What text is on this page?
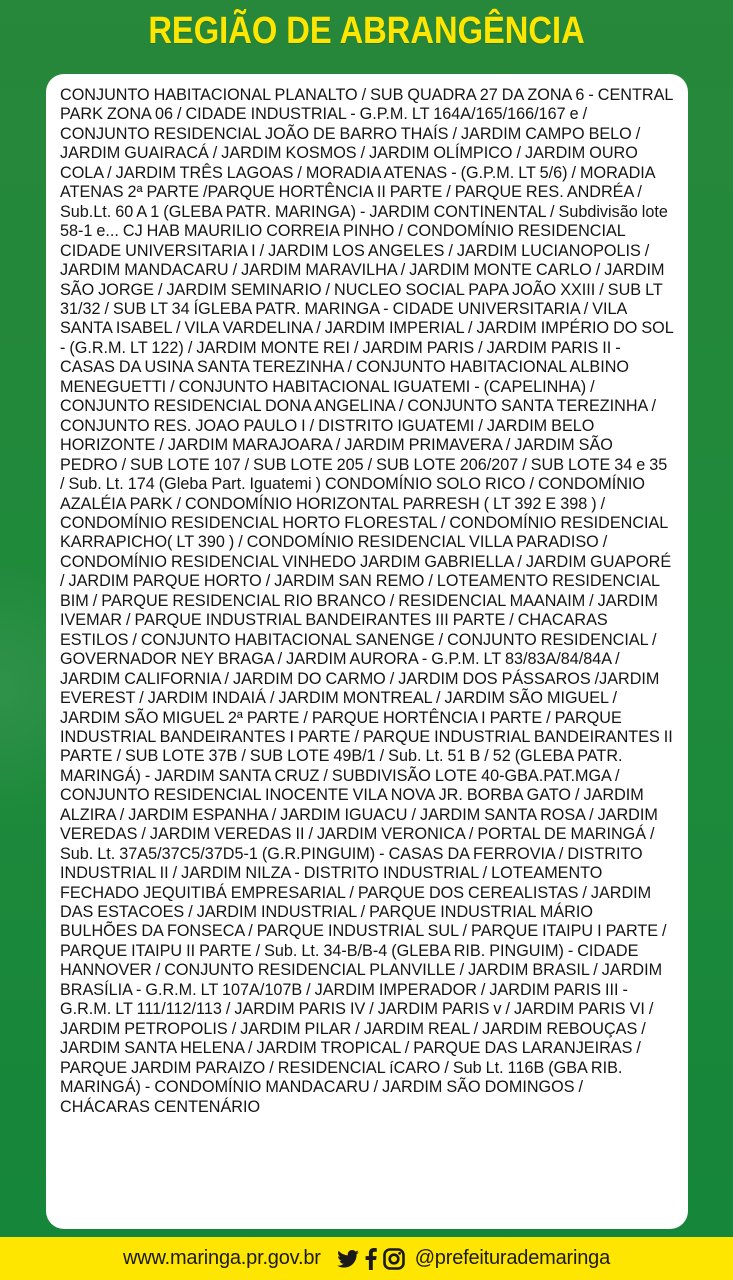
REGIÃO DE ABRANGÊNCIA

CONJUNTO HABITACIONAL PLANALTO / SUB QUADRA 27 DA ZONA 6 - CENTRAL PARK ZONA 06 / CIDADE INDUSTRIAL - G.P.M. LT 164A/165/166/167 e / CONJUNTO RESIDENCIAL JOÃO DE BARRO THAÍS / JARDIM CAMPO BELO / JARDIM GUAIRACÁ / JARDIM KOSMOS / JARDIM OLÍMPICO / JARDIM OURO COLA / JARDIM TRÊS LAGOAS / MORADIA ATENAS - (G.P.M. LT 5/6) / MORADIA ATENAS 2ª PARTE /PARQUE HORTÊNCIA II PARTE / PARQUE RES. ANDRÉA / Sub.Lt. 60 A 1 (GLEBA PATR. MARINGA) - JARDIM CONTINENTAL / Subdivisão lote 58-1 e... CJ HAB MAURILIO CORREIA PINHO / CONDOMÍNIO RESIDENCIAL CIDADE UNIVERSITARIA I / JARDIM LOS ANGELES / JARDIM LUCIANOPOLIS / JARDIM MANDACARU / JARDIM MARAVILHA / JARDIM MONTE CARLO / JARDIM SÃO JORGE / JARDIM SEMINARIO / NUCLEO SOCIAL PAPA JOÃO XXIII / SUB LT 31/32 / SUB LT 34 ÍGLEBA PATR. MARINGA - CIDADE UNIVERSITARIA / VILA SANTA ISABEL / VILA VARDELINA / JARDIM IMPERIAL / JARDIM IMPÉRIO DO SOL - (G.R.M. LT 122) / JARDIM MONTE REI / JARDIM PARIS / JARDIM PARIS II - CASAS DA USINA SANTA TEREZINHA / CONJUNTO HABITACIONAL ALBINO MENEGUETTI / CONJUNTO HABITACIONAL IGUATEMI - (CAPELINHA) / CONJUNTO RESIDENCIAL DONA ANGELINA / CONJUNTO SANTA TEREZINHA / CONJUNTO RES. JOAO PAULO I / DISTRITO IGUATEMI / JARDIM BELO HORIZONTE / JARDIM MARAJOARA / JARDIM PRIMAVERA / JARDIM SÃO PEDRO / SUB LOTE 107 / SUB LOTE 205 / SUB LOTE 206/207 / SUB LOTE 34 e 35 / Sub. Lt. 174 (Gleba Part. Iguatemi ) CONDOMÍNIO SOLO RICO / CONDOMÍNIO AZALÉIA PARK / CONDOMÍNIO HORIZONTAL PARRESH ( LT 392 E 398 ) / CONDOMÍNIO RESIDENCIAL HORTO FLORESTAL / CONDOMÍNIO RESIDENCIAL KARRAPICHO( LT 390 ) / CONDOMÍNIO RESIDENCIAL VILLA PARADISO / CONDOMÍNIO RESIDENCIAL VINHEDO JARDIM GABRIELLA / JARDIM GUAPORÉ / JARDIM PARQUE HORTO / JARDIM SAN REMO / LOTEAMENTO RESIDENCIAL BIM / PARQUE RESIDENCIAL RIO BRANCO / RESIDENCIAL MAANAIM / JARDIM IVEMAR / PARQUE INDUSTRIAL BANDEIRANTES III PARTE / CHACARAS ESTILOS / CONJUNTO HABITACIONAL SANENGE / CONJUNTO RESIDENCIAL / GOVERNADOR NEY BRAGA / JARDIM AURORA - G.P.M. LT 83/83A/84/84A / JARDIM CALIFORNIA / JARDIM DO CARMO / JARDIM DOS PÁSSAROS /JARDIM EVEREST / JARDIM INDAIÁ / JARDIM MONTREAL / JARDIM SÃO MIGUEL / JARDIM SÃO MIGUEL 2ª PARTE / PARQUE HORTÊNCIA I PARTE / PARQUE INDUSTRIAL BANDEIRANTES I PARTE / PARQUE INDUSTRIAL BANDEIRANTES II PARTE / SUB LOTE 37B / SUB LOTE 49B/1 / Sub. Lt. 51 B / 52 (GLEBA PATR. MARINGÁ) - JARDIM SANTA CRUZ / SUBDIVISÃO LOTE 40-GBA.PAT.MGA / CONJUNTO RESIDENCIAL INOCENTE VILA NOVA JR. BORBA GATO / JARDIM ALZIRA / JARDIM ESPANHA / JARDIM IGUACU / JARDIM SANTA ROSA / JARDIM VEREDAS / JARDIM VEREDAS II / JARDIM VERONICA / PORTAL DE MARINGÁ / Sub. Lt. 37A5/37C5/37D5-1 (G.R.PINGUIM) - CASAS DA FERROVIA / DISTRITO INDUSTRIAL II / JARDIM NILZA - DISTRITO INDUSTRIAL / LOTEAMENTO FECHADO JEQUITIBÁ EMPRESARIAL / PARQUE DOS CEREALISTAS / JARDIM DAS ESTACOES / JARDIM INDUSTRIAL / PARQUE INDUSTRIAL MÁRIO BULHÕES DA FONSECA / PARQUE INDUSTRIAL SUL / PARQUE ITAIPU I PARTE / PARQUE ITAIPU II PARTE / Sub. Lt. 34-B/B-4 (GLEBA RIB. PINGUIM) - CIDADE HANNOVER / CONJUNTO RESIDENCIAL PLANVILLE / JARDIM BRASIL / JARDIM BRASÍLIA - G.R.M. LT 107A/107B / JARDIM IMPERADOR / JARDIM PARIS III - G.R.M. LT 111/112/113 / JARDIM PARIS IV / JARDIM PARIS v / JARDIM PARIS VI / JARDIM PETROPOLIS / JARDIM PILAR / JARDIM REAL / JARDIM REBOUÇAS / JARDIM SANTA HELENA / JARDIM TROPICAL / PARQUE DAS LARANJEIRAS / PARQUE JARDIM PARAIZO / RESIDENCIAL íCARO / Sub Lt. 116B (GBA RIB. MARINGÁ) - CONDOMÍNIO MANDACARU / JARDIM SÃO DOMINGOS / CHÁCARAS CENTENÁRIO

www.maringa.pr.gov.br	@prefeiturademaringa
